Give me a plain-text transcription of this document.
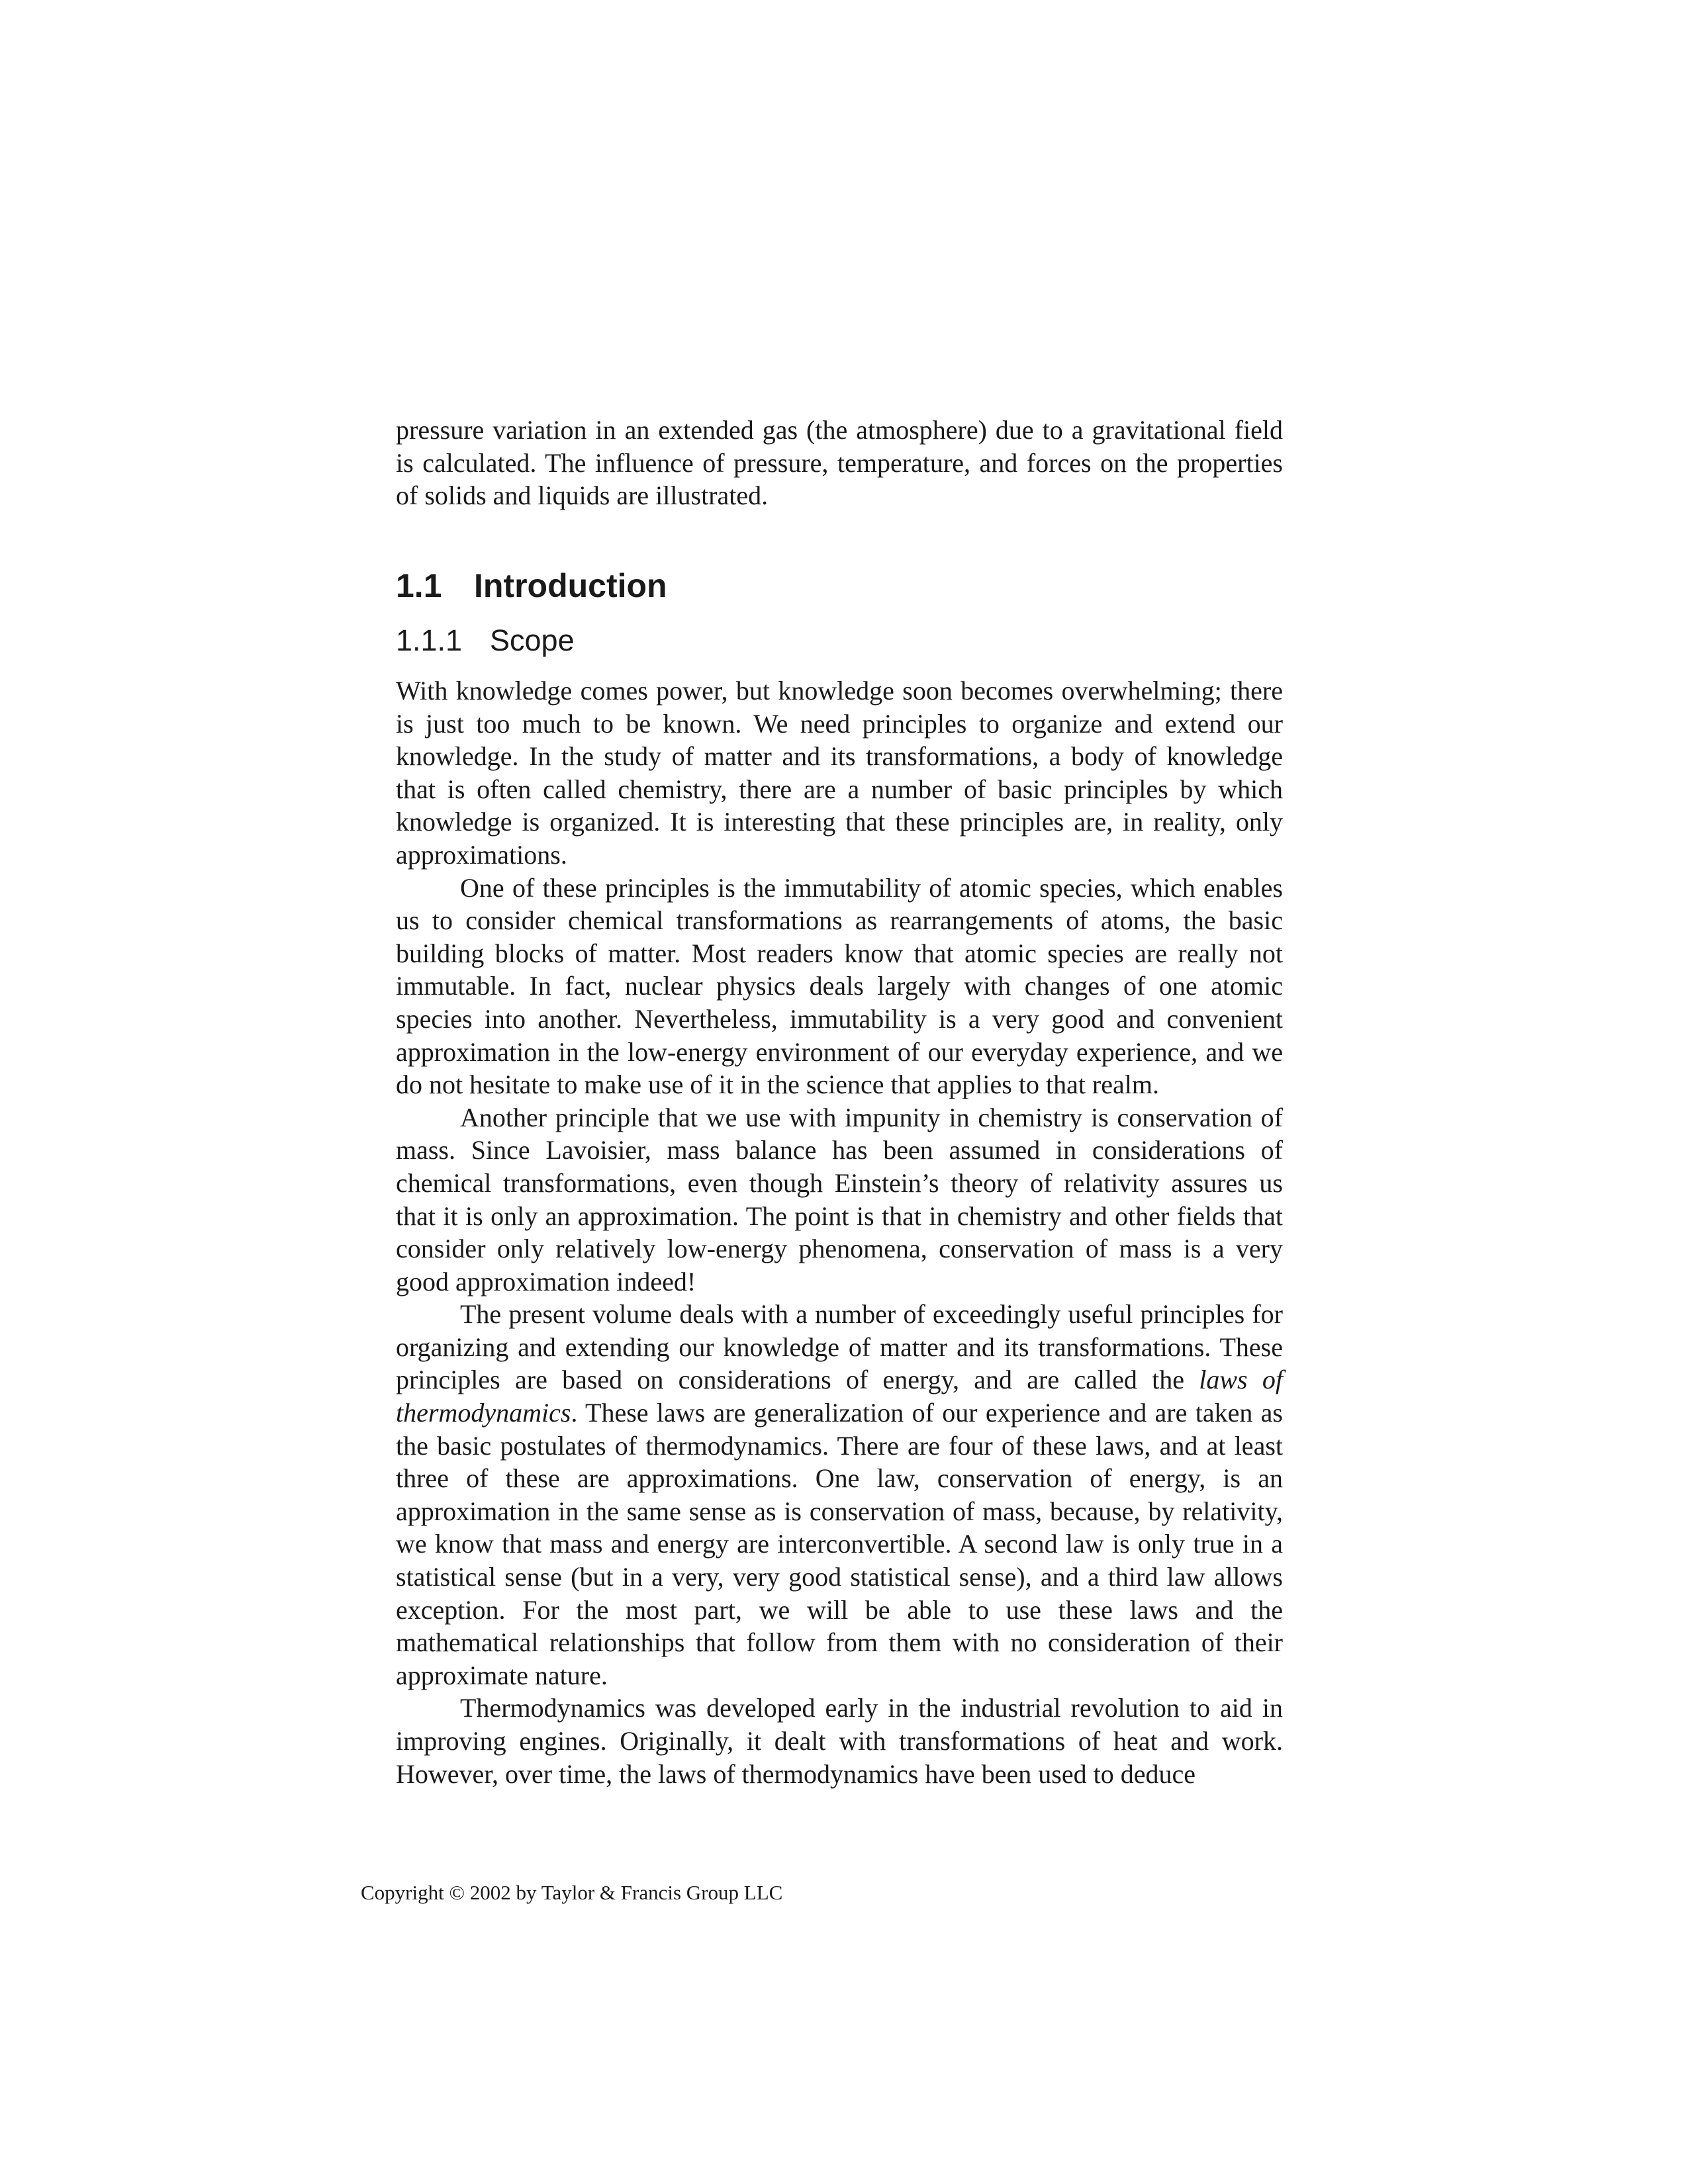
pressure variation in an extended gas (the atmosphere) due to a gravitational field is calculated. The influence of pressure, temperature, and forces on the properties of solids and liquids are illustrated.

1.1 Introduction
1.1.1 Scope

With knowledge comes power, but knowledge soon becomes overwhelming; there is just too much to be known. We need principles to organize and extend our knowledge. In the study of matter and its transformations, a body of knowledge that is often called chemistry, there are a number of basic principles by which knowledge is organized. It is interesting that these principles are, in reality, only approximations.

One of these principles is the immutability of atomic species, which enables us to consider chemical transformations as rearrangements of atoms, the basic building blocks of matter. Most readers know that atomic species are really not immutable. In fact, nuclear physics deals largely with changes of one atomic species into another. Nevertheless, immutability is a very good and convenient approximation in the low-energy environment of our everyday experience, and we do not hesitate to make use of it in the science that applies to that realm.

Another principle that we use with impunity in chemistry is conservation of mass. Since Lavoisier, mass balance has been assumed in considerations of chemical transformations, even though Einstein’s theory of relativity assures us that it is only an approximation. The point is that in chemistry and other fields that consider only relatively low-energy phenomena, conservation of mass is a very good approximation indeed!

The present volume deals with a number of exceedingly useful principles for organizing and extending our knowledge of matter and its transformations. These principles are based on considerations of energy, and are called the laws of thermodynamics. These laws are generalization of our experience and are taken as the basic postulates of thermodynamics. There are four of these laws, and at least three of these are approximations. One law, conservation of energy, is an approximation in the same sense as is conservation of mass, because, by relativity, we know that mass and energy are interconvertible. A second law is only true in a statistical sense (but in a very, very good statistical sense), and a third law allows exception. For the most part, we will be able to use these laws and the mathematical relationships that follow from them with no consideration of their approximate nature.

Thermodynamics was developed early in the industrial revolution to aid in improving engines. Originally, it dealt with transformations of heat and work. However, over time, the laws of thermodynamics have been used to deduce

Copyright © 2002 by Taylor & Francis Group LLC
